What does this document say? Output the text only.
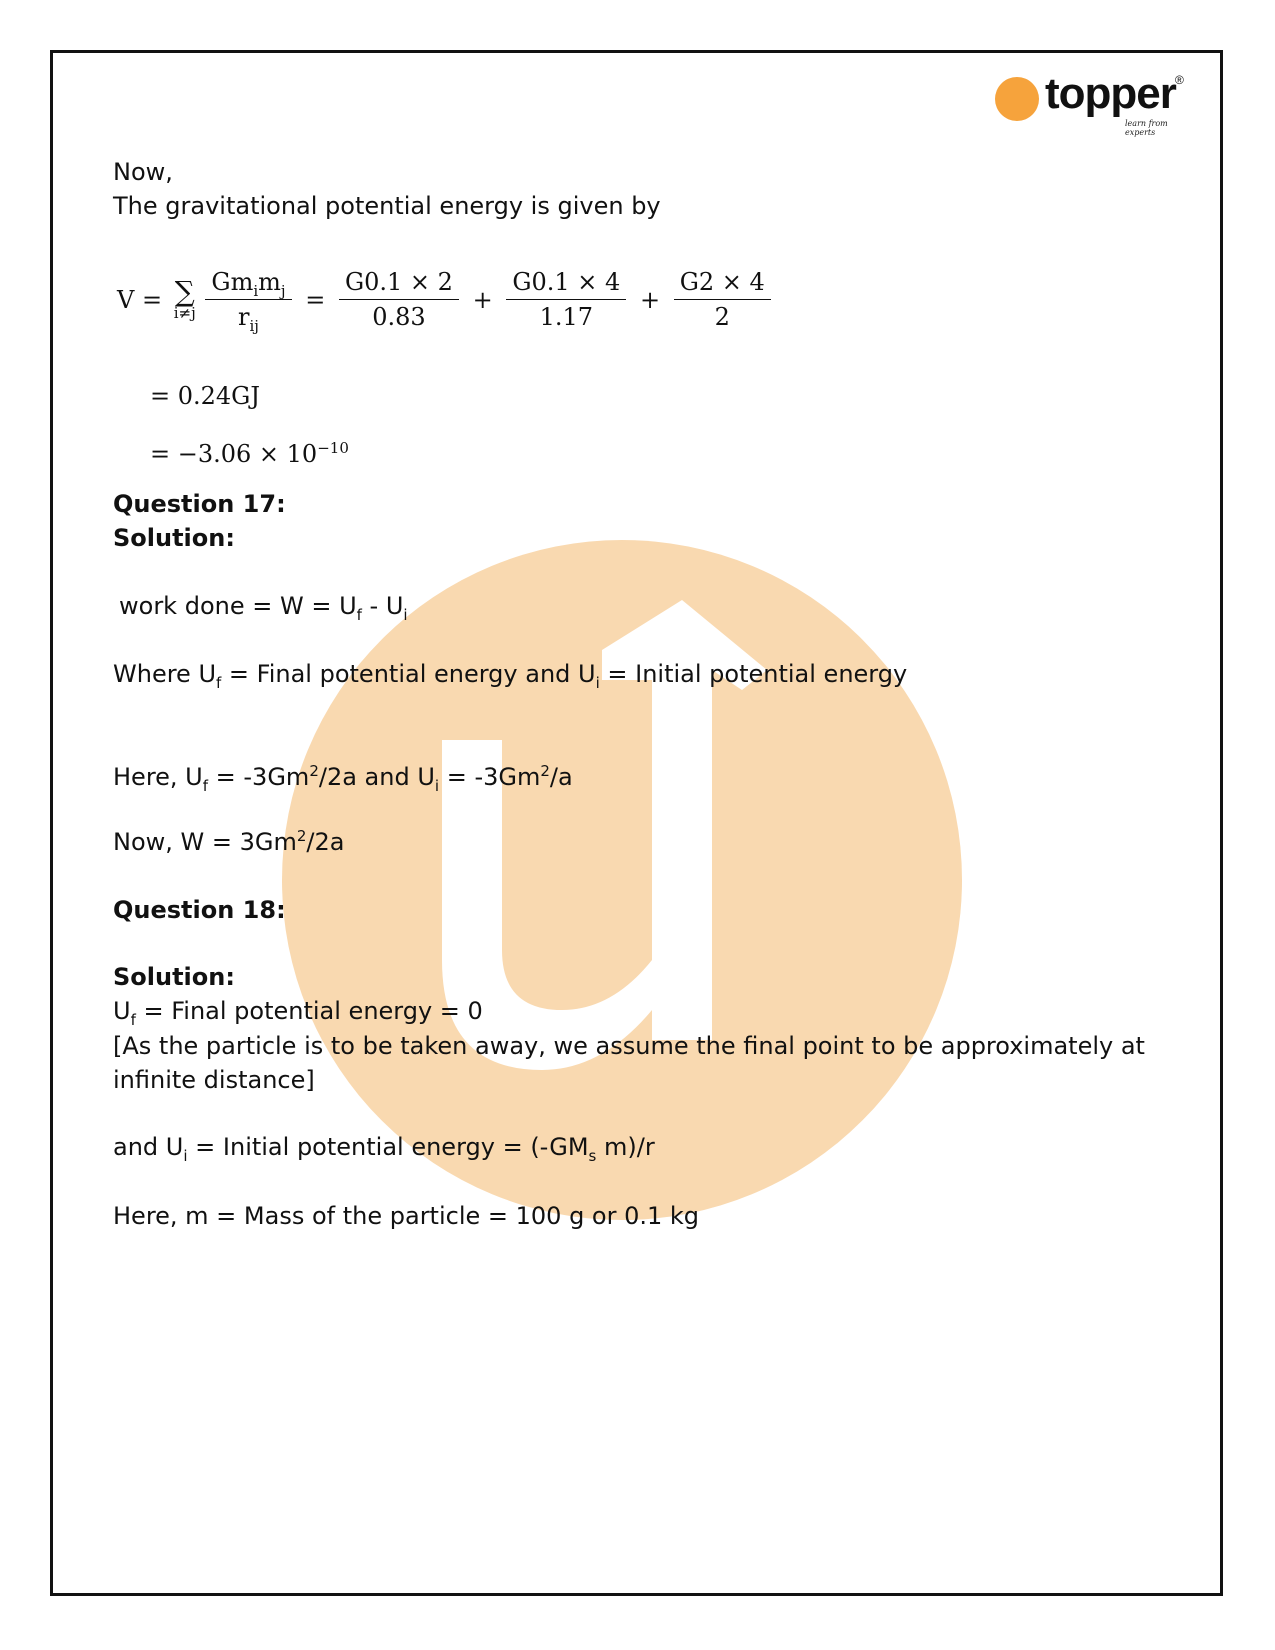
topper ®
learn from experts
Now,
The gravitational potential energy is given by
V = ∑
i≠j
$\frac{Gm_im_j}{r_{ij}} = \frac{G0.1 \times 2}{0.83} + \frac{G0.1 \times 4}{1.17} + \frac{G2 \times 4}{2}$
= 0.24GJ
= $-3.06 \times 10^{-10}$
Question 17:
Solution:
work done = $W = U_f - U_i$
Where $U_f$ = Final potential energy and $U_i$ = Initial potential energy
Here, $U_f = -3Gm^2/2a$ and $U_i = -3Gm^2/a$
Now, $W = 3Gm^2/2a$
Question 18:
Solution:
$U_f$ = Final potential energy = 0
[As the particle is to be taken away, we assume the final point to be approximately at
infinite distance]
and $U_i$ = Initial potential energy = ($-GM_s$ m)/r
Here, m = Mass of the particle = 100 g or 0.1 kg
